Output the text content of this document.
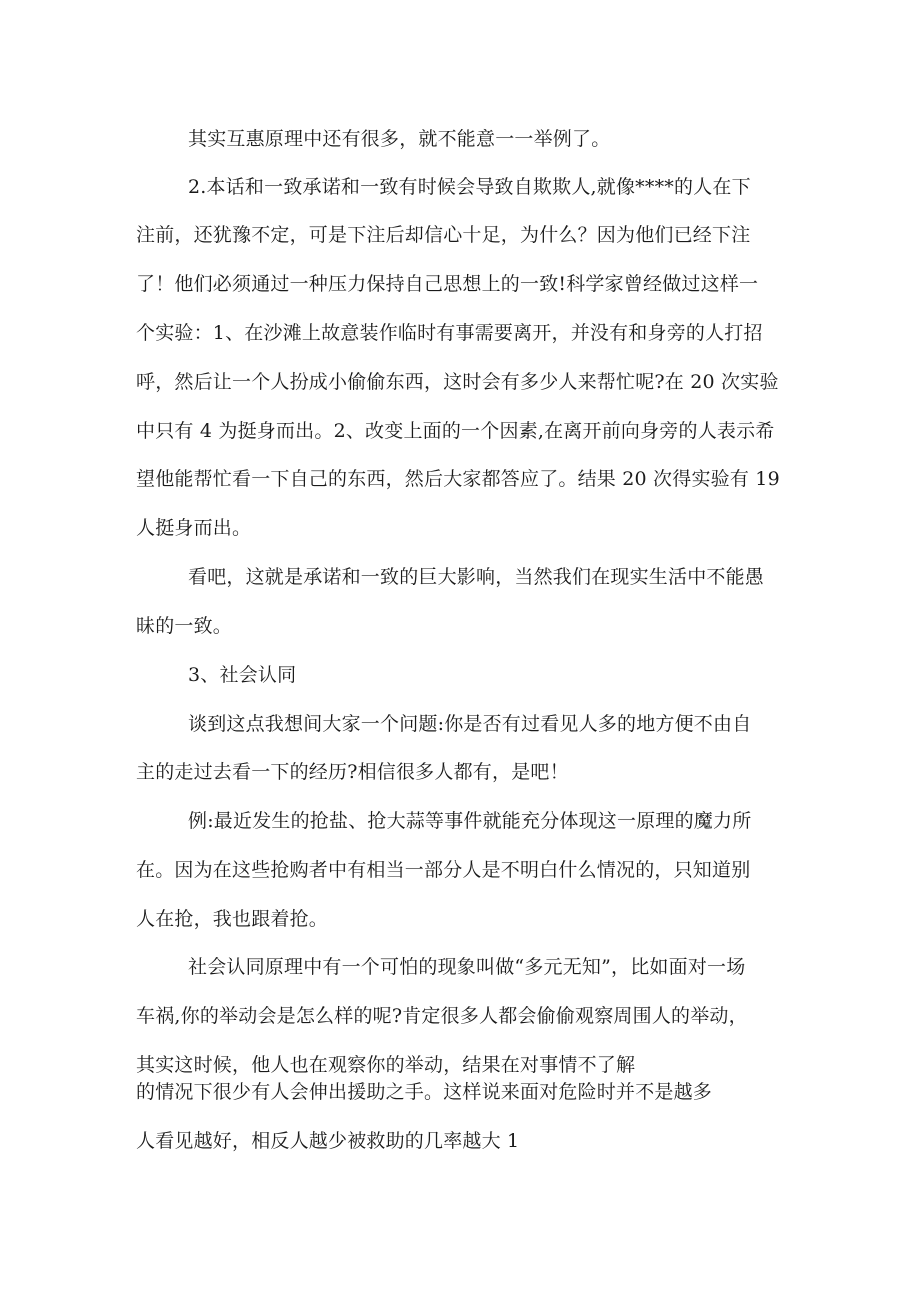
其实互惠原理中还有很多，就不能意一一举例了。
2.本话和一致承诺和一致有时候会导致自欺欺人,就像****的人在下
注前，还犹豫不定，可是下注后却信心十足，为什么？因为他们已经下注
了！他们必须通过一种压力保持自己思想上的一致!科学家曾经做过这样一
个实验：1、在沙滩上故意装作临时有事需要离开，并没有和身旁的人打招
呼，然后让一个人扮成小偷偷东西，这时会有多少人来帮忙呢?在 20 次实验
中只有 4 为挺身而出。2、改变上面的一个因素,在离开前向身旁的人表示希
望他能帮忙看一下自己的东西，然后大家都答应了。结果 20 次得实验有 19
人挺身而出。
看吧，这就是承诺和一致的巨大影响，当然我们在现实生活中不能愚
昧的一致。
3、社会认同
谈到这点我想间大家一个问题:你是否有过看见人多的地方便不由自
主的走过去看一下的经历?相信很多人都有，是吧！
例:最近发生的抢盐、抢大蒜等事件就能充分体现这一原理的魔力所
在。因为在这些抢购者中有相当一部分人是不明白什么情况的，只知道别
人在抢，我也跟着抢。
社会认同原理中有一个可怕的现象叫做“多元无知”，比如面对一场
车祸,你的举动会是怎么样的呢?肯定很多人都会偷偷观察周围人的举动，
其实这时候，他人也在观察你的举动，结果在对事情不了解
的情况下很少有人会伸出援助之手。这样说来面对危险时并不是越多
人看见越好，相反人越少被救助的几率越大 1
